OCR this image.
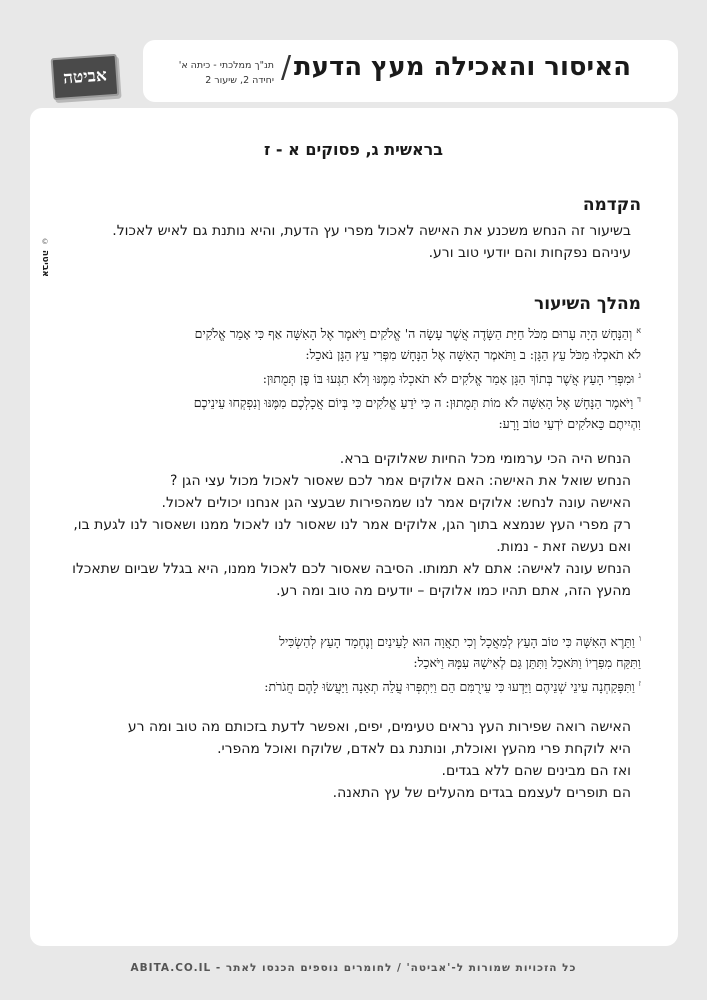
אביטה	האיסור והאכילה מעץ הדעת
/
תנ"ך ממלכתי - כיתה א'
יחידה 2, שיעור 2
©
אביטה
בראשית ג, פסוקים א - ז
הקדמה
בשיעור זה הנחש משכנע את האישה לאכול מפרי עץ הדעת, והיא נותנת גם לאיש לאכול.
עיניהם נפקחות והם יודעי טוב ורע.
מהלך השיעור
$^א$ וְהַנָּחָשׁ הָיָה עָרוּם מִכֹּל חַיַּת הַשָּׂדֶה אֲשֶׁר עָשָׂה ה' אֱלֹקִים וַיֹּאמֶר אֶל הָאִשָּׁה אַף כִּי אָמַר אֱלֹקִים
לֹא תֹאכְלוּ מִכֹּל עֵץ הַגָּן: ב וַתֹּאמֶר הָאִשָּׁה אֶל הַנָּחָשׁ מִפְּרִי עֵץ הַגָּן נֹאכֵל:
$^ג$ וּמִפְּרִי הָעֵץ אֲשֶׁר בְּתוֹךְ הַגָּן אָמַר אֱלֹקִים לֹא תֹאכְלוּ מִמֶּנּוּ וְלֹא תִגְּעוּ בּוֹ פֶּן תְּמֻתוּן:
$^ד$ וַיֹּאמֶר הַנָּחָשׁ אֶל הָאִשָּׁה לֹא מוֹת תְּמֻתוּן: ה כִּי יֹדֵעַ אֱלֹקִים כִּי בְּיוֹם אֲכָלְכֶם מִמֶּנּוּ וְנִפְקְחוּ עֵינֵיכֶם
וִהְיִיתֶם כֵּאלֹקִים יֹדְעֵי טוֹב וָרָע:
הנחש היה הכי ערמומי מכל החיות שאלוקים ברא.
הנחש שואל את האישה: האם אלוקים אמר לכם שאסור לאכול מכול עצי הגן ?
האישה עונה לנחש: אלוקים אמר לנו שמהפירות שבעצי הגן אנחנו יכולים לאכול.
רק מפרי העץ שנמצא בתוך הגן, אלוקים אמר לנו שאסור לנו לאכול ממנו ושאסור לנו לגעת בו,
ואם נעשה זאת - נמות.
הנחש עונה לאישה: אתם לא תמותו. הסיבה שאסור לכם לאכול ממנו, היא בגלל שביום שתאכלו
מהעץ הזה, אתם תהיו כמו אלוקים – יודעים מה טוב ומה רע.
$^ו$ וַתֵּרֶא הָאִשָּׁה כִּי טוֹב הָעֵץ לְמַאֲכָל וְכִי תַאֲוָה הוּא לָעֵינַיִם וְנֶחְמָד הָעֵץ לְהַשְׂכִּיל
וַתִּקַּח מִפִּרְיוֹ וַתֹּאכַל וַתִּתֵּן גַּם לְאִישָׁהּ עִמָּהּ וַיֹּאכַל:
$^ז$ וַתִּפָּקַחְנָה עֵינֵי שְׁנֵיהֶם וַיֵּדְעוּ כִּי עֵירֻמִּם הֵם וַיִּתְפְּרוּ עֲלֵה תְאֵנָה וַיַּעֲשׂוּ לָהֶם חֲגֹרֹת:
האישה רואה שפירות העץ נראים טעימים, יפים, ואפשר לדעת בזכותם מה טוב ומה רע
היא לוקחת פרי מהעץ ואוכלת, ונותנת גם לאדם, שלוקח ואוכל מהפרי.
ואז הם מבינים שהם ללא בגדים.
הם תופרים לעצמם בגדים מהעלים של עץ התאנה.
כל הזכויות שמורות ל-'אביטה' / לחומרים נוספים הכנסו לאתר - ABITA.CO.IL
